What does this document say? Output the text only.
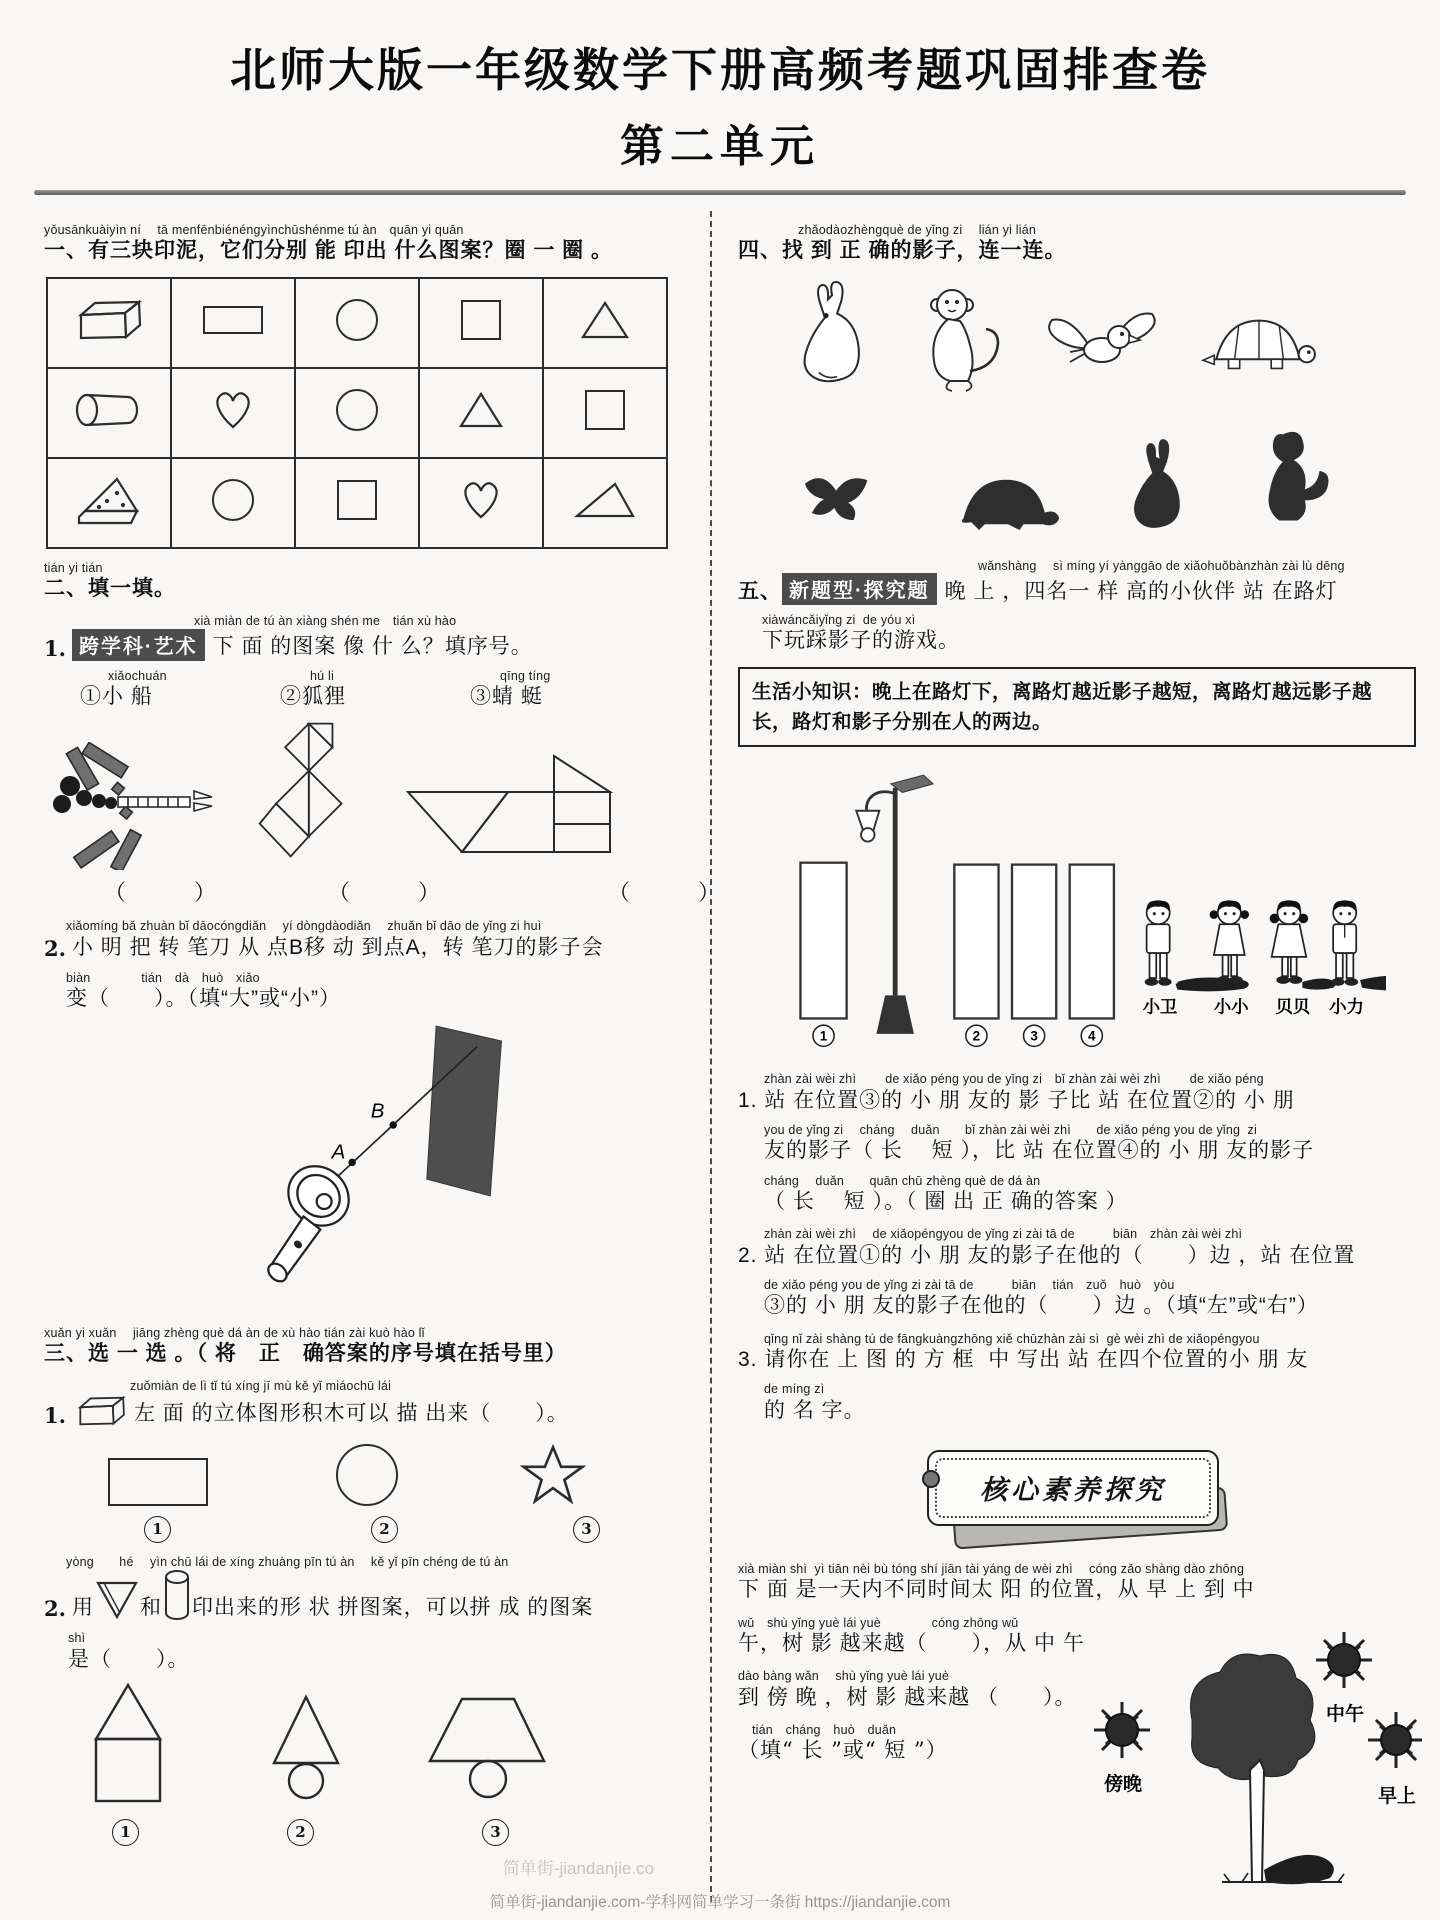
北师大版一年级数学下册高频考题巩固排查卷
第二单元
yǒusānkuàiyìn ní　 tā menfēnbiénéngyìnchūshénme tú àn　quān yi quān
一、有三块印泥，它们分别 能 印出 什么图案？圈 一 圈 。

tián yi tián
二、填一填。
xià miàn de tú àn xiàng shén me　tián xù hào
1. 跨学科·艺术 下 面 的图案 像 什 么？填序号。
xiǎochuán
①小 船
hú li
②狐狸
qīng tíng
③蜻 蜓
（　　）	（　　）	（　　）
xiǎomíng bǎ zhuàn bǐ dāocóngdiǎn　 yí dòngdàodiǎn　 zhuǎn bǐ dāo de yǐng zi huì
2. 小 明 把 转 笔刀 从 点B移 动 到点A，转 笔刀的影子会
biàn　　　　tián　dà　huò　xiǎo
变（　　）。（填“大”或“小”）
A
B
xuǎn yi xuǎn　 jiāng zhèng què dá àn de xù hào tián zài kuò hào lǐ
三、选 一 选 。（ 将　正　确答案的序号填在括号里）
zuǒmiàn de lì tǐ tú xíng jī mù kě yǐ miáochū lái
1.	左 面 的立体图形积木可以 描 出来（　　）。
1	2	3
yòng　　hé　 yìn chū lái de xíng zhuàng pīn tú àn　 kě yǐ pīn chéng de tú àn
2. 用 和 印出来的形 状 拼图案，可以拼 成 的图案
shì
是（　　）。
1	2	3
简单街-jiandanjie.co
zhǎodàozhèngquè de yǐng zi　 lián yi lián
四、找 到 正 确的影子，连一连。
wǎnshàng　 sì míng yí yànggāo de xiǎohuǒbànzhàn zài lù dēng
五、 新题型·探究题 晚 上 ，四名一 样 高的小伙伴 站 在路灯
xiàwáncǎiyǐng zi  de yóu xì
下玩踩影子的游戏。
生活小知识：晚上在路灯下，离路灯越近影子越短，离路灯越远影子越长，路灯和影子分别在人的两边。
1	2	3	4
小卫 小小 贝贝 小力
zhàn zài wèi zhì　　 de xiǎo péng you de yǐng zi　bǐ zhàn zài wèi zhì　　 de xiǎo péng
1. 站 在位置③的 小 朋 友的 影 子比 站 在位置②的 小 朋
you de yǐng zi　 cháng　 duǎn　　bǐ zhàn zài wèi zhì　　de xiǎo péng you de yǐng  zi
友的影子（ 长　 短 ），比 站 在位置④的 小 朋 友的影子
cháng　 duǎn　　quān chū zhèng què de dá àn
（ 长　 短 ）。（ 圈 出 正 确的答案 ）
zhàn zài wèi zhì　 de xiǎopéngyou de yǐng zi zài tā de　　　biān　zhàn zài wèi zhì
2. 站 在位置①的 小 朋 友的影子在他的（　　）边 ，站 在位置
de xiǎo péng you de yǐng zi zài tā de　　　biān　 tián　zuǒ　huò　yòu
③的 小 朋 友的影子在他的（　　）边 。（填“左”或“右”）
qǐng nǐ zài shàng tú de fāngkuàngzhōng xiě chūzhàn zài sì  gè wèi zhì de xiǎopéngyou
3. 请你在 上 图 的 方 框  中 写出 站 在四个位置的小 朋 友
de míng zì
的 名 字。
核心素养探究
xià miàn shì  yì tiān nèi bù tóng shí jiān tài yáng de wèi zhì　 cóng zǎo shàng dào zhōng
下 面 是一天内不同时间太 阳 的位置，从 早 上 到 中
wǔ　shù yǐng yuè lái yuè　　　　cóng zhōng wǔ
午，树 影 越来越（　　），从 中 午
dào bàng wǎn　 shù yǐng yuè lái yuè
到 傍 晚 ，树 影 越来越 （　　）。
tián　cháng　huò　duǎn
（填“ 长 ”或“ 短 ”）
傍晚
中午
早上
简单街-jiandanjie.com-学科网简单学习一条街 https://jiandanjie.com
